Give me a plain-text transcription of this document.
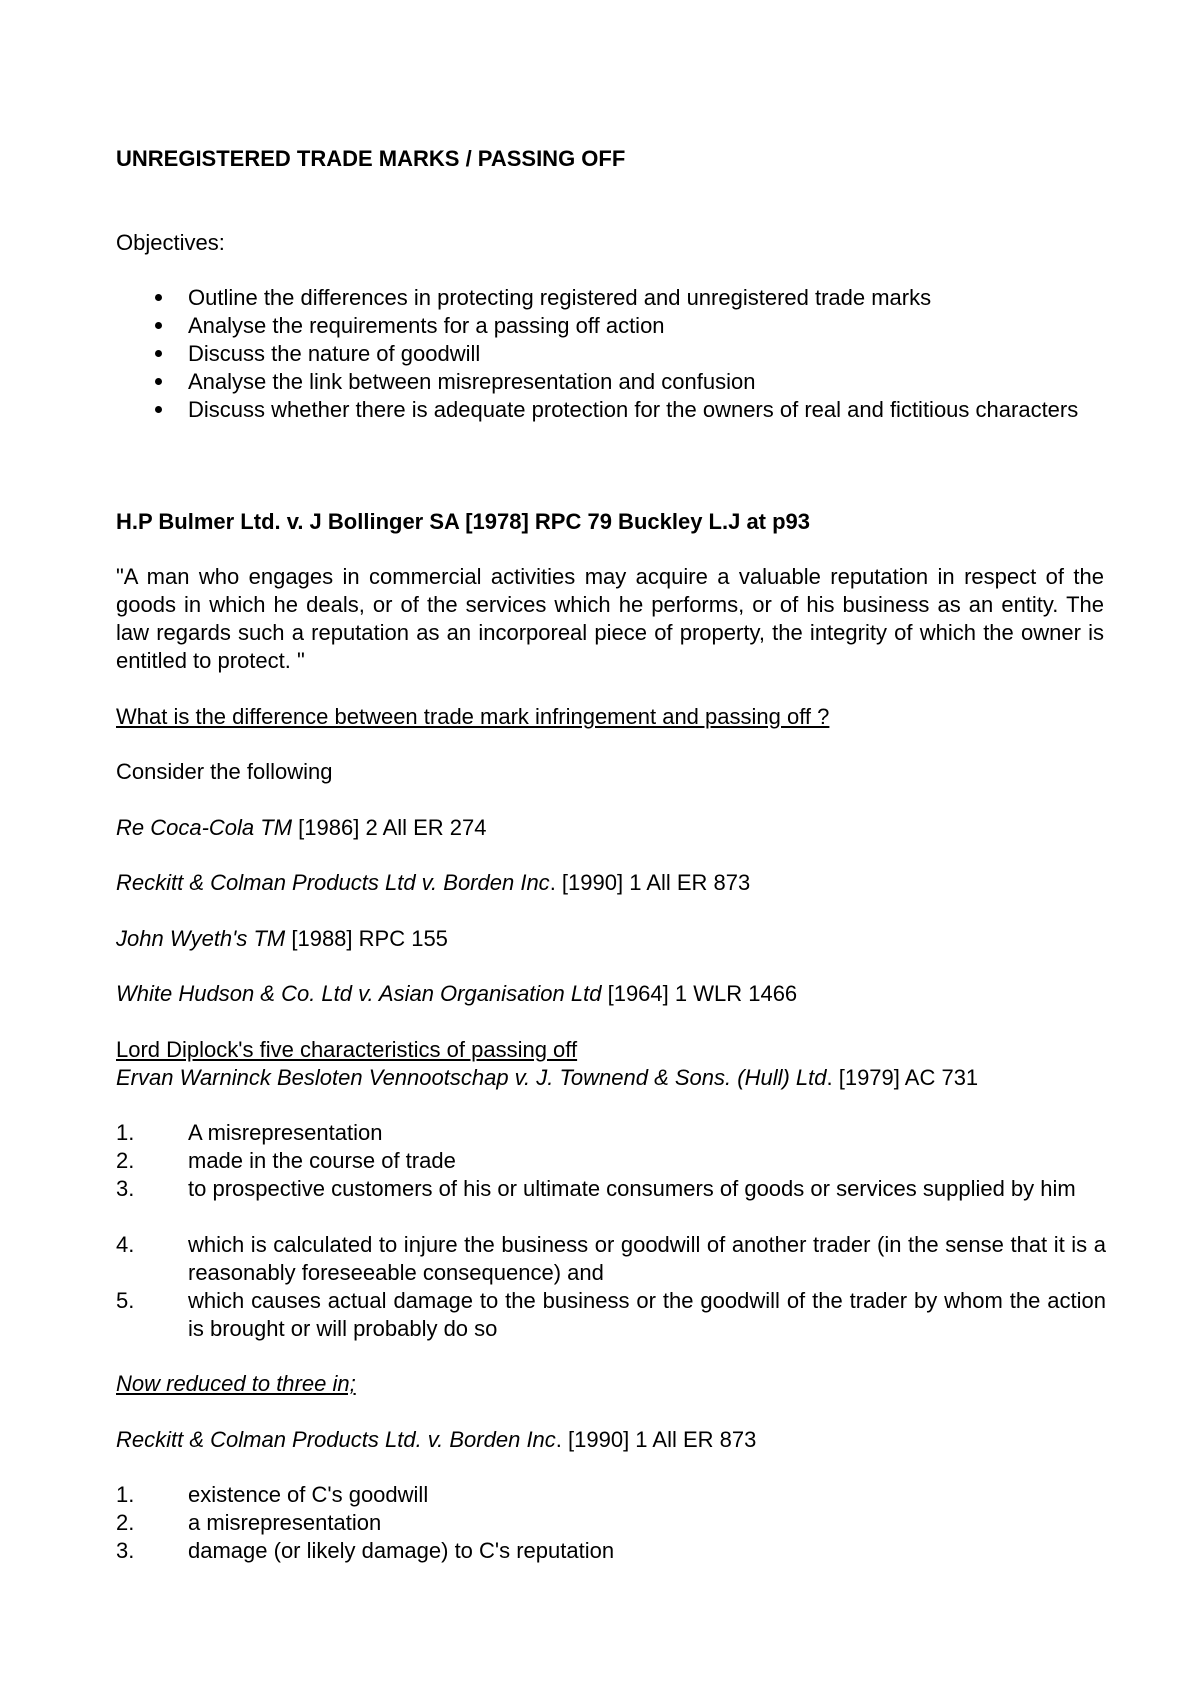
UNREGISTERED TRADE MARKS / PASSING OFF

Objectives:

Outline the differences in protecting registered and unregistered trade marks

Analyse the requirements for a passing off action

Discuss the nature of goodwill

Analyse the link between misrepresentation and confusion

Discuss whether there is adequate protection for the owners of real and fictitious characters

H.P Bulmer Ltd. v. J Bollinger SA [1978] RPC 79 Buckley L.J at p93

"A man who engages in commercial activities may acquire a valuable reputation in respect of the goods in which he deals, or of the services which he performs, or of his business as an entity. The law regards such a reputation as an incorporeal piece of property, the integrity of which the owner is entitled to protect. "

What is the difference between trade mark infringement and passing off ?

Consider the following

Re Coca-Cola TM [1986] 2 All ER 274

Reckitt & Colman Products Ltd v. Borden Inc. [1990] 1 All ER 873

John Wyeth's TM [1988] RPC 155

White Hudson & Co. Ltd v. Asian Organisation Ltd [1964] 1 WLR 1466

Lord Diplock's five characteristics of passing off

Ervan Warninck Besloten Vennootschap v. J. Townend & Sons. (Hull) Ltd. [1979] AC 731

1. A misrepresentation

2. made in the course of trade

3. to prospective customers of his or ultimate consumers of goods or services supplied by him

4. which is calculated to injure the business or goodwill of another trader (in the sense that it is a reasonably foreseeable consequence) and

5. which causes actual damage to the business or the goodwill of the trader by whom the action is brought or will probably do so

Now reduced to three in;

Reckitt & Colman Products Ltd. v. Borden Inc. [1990] 1 All ER 873

1. existence of C's goodwill

2. a misrepresentation

3. damage (or likely damage) to C's reputation
